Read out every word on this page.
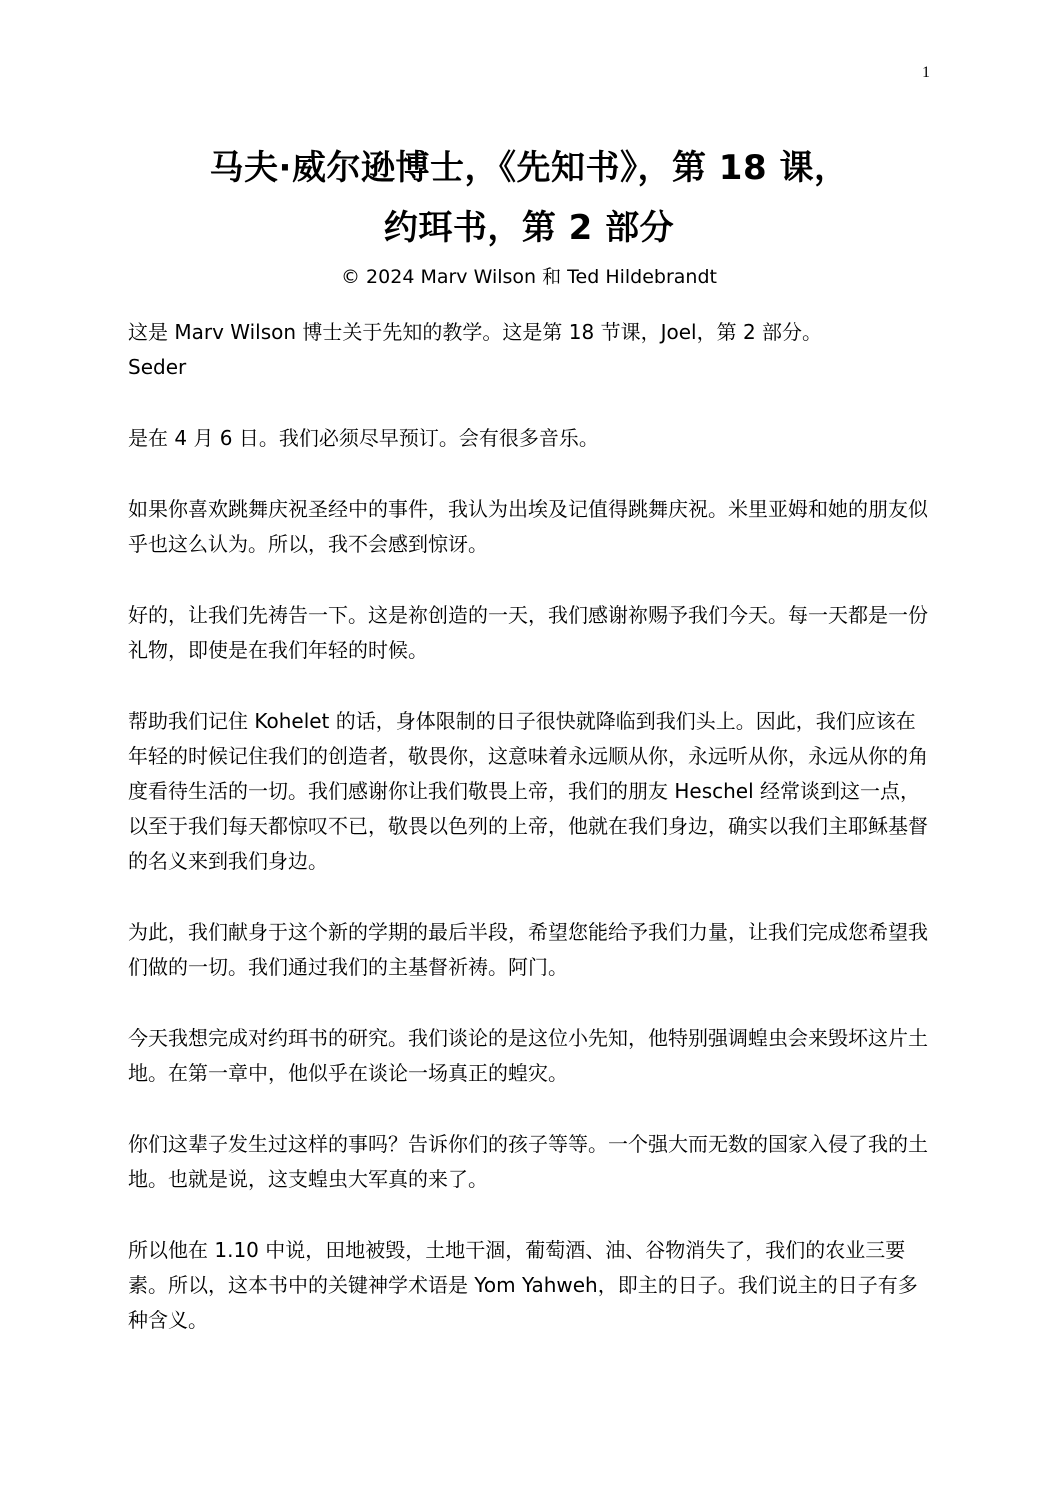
1
马夫·威尔逊博士，《先知书》，第 18 课，
约珥书，第 2 部分
© 2024 Marv Wilson 和 Ted Hildebrandt

这是 Marv Wilson 博士关于先知的教学。这是第 18 节课，Joel，第 2 部分。
Seder

是在 4 月 6 日。我们必须尽早预订。会有很多音乐。

如果你喜欢跳舞庆祝圣经中的事件，我认为出埃及记值得跳舞庆祝。米里亚姆和她的朋友似乎也这么认为。所以，我不会感到惊讶。

好的，让我们先祷告一下。这是祢创造的一天，我们感谢祢赐予我们今天。每一天都是一份礼物，即使是在我们年轻的时候。

帮助我们记住 Kohelet 的话，身体限制的日子很快就降临到我们头上。因此，我们应该在年轻的时候记住我们的创造者，敬畏你，这意味着永远顺从你，永远听从你，永远从你的角度看待生活的一切。我们感谢你让我们敬畏上帝，我们的朋友 Heschel 经常谈到这一点，以至于我们每天都惊叹不已，敬畏以色列的上帝，他就在我们身边，确实以我们主耶稣基督的名义来到我们身边。

为此，我们献身于这个新的学期的最后半段，希望您能给予我们力量，让我们完成您希望我们做的一切。我们通过我们的主基督祈祷。阿门。

今天我想完成对约珥书的研究。我们谈论的是这位小先知，他特别强调蝗虫会来毁坏这片土地。在第一章中，他似乎在谈论一场真正的蝗灾。

你们这辈子发生过这样的事吗？告诉你们的孩子等等。一个强大而无数的国家入侵了我的土地。也就是说，这支蝗虫大军真的来了。

所以他在 1.10 中说，田地被毁，土地干涸，葡萄酒、油、谷物消失了，我们的农业三要素。所以，这本书中的关键神学术语是 Yom Yahweh，即主的日子。我们说主的日子有多种含义。
